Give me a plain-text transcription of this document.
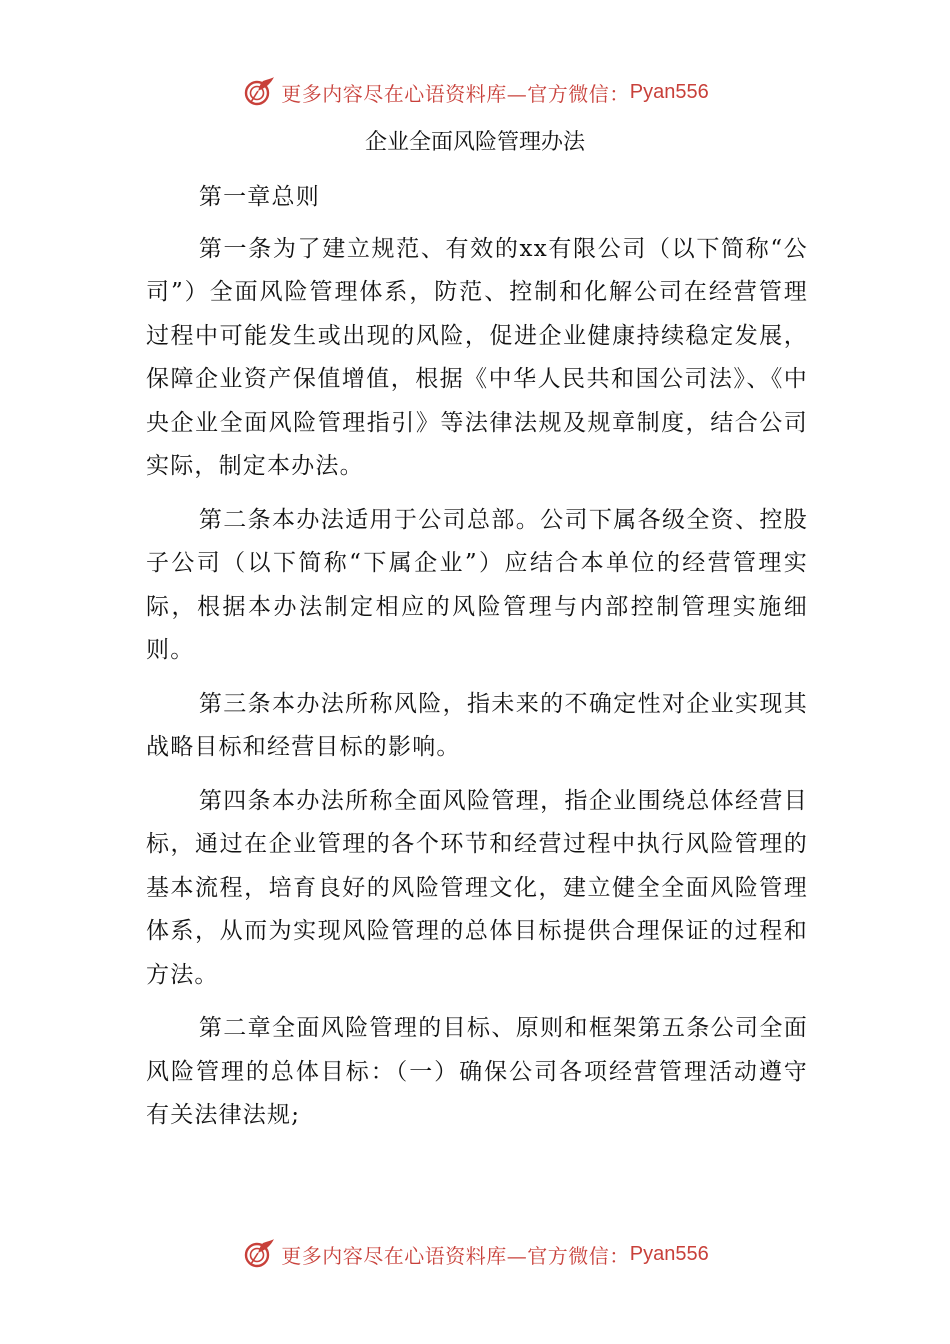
更多内容尽在心语资料库—官方微信： Pyan556
企业全面风险管理办法

第一章总则

第一条为了建立规范、有效的xx有限公司（以下简称“公司”）全面风险管理体系，防范、控制和化解公司在经营管理过程中可能发生或出现的风险，促进企业健康持续稳定发展，保障企业资产保值增值，根据《中华人民共和国公司法》、《中央企业全面风险管理指引》等法律法规及规章制度，结合公司实际，制定本办法。

第二条本办法适用于公司总部。公司下属各级全资、控股子公司（以下简称“下属企业”）应结合本单位的经营管理实际，根据本办法制定相应的风险管理与内部控制管理实施细则。

第三条本办法所称风险，指未来的不确定性对企业实现其战略目标和经营目标的影响。

第四条本办法所称全面风险管理，指企业围绕总体经营目标，通过在企业管理的各个环节和经营过程中执行风险管理的基本流程，培育良好的风险管理文化，建立健全全面风险管理体系，从而为实现风险管理的总体目标提供合理保证的过程和方法。

第二章全面风险管理的目标、原则和框架第五条公司全面风险管理的总体目标：（一）确保公司各项经营管理活动遵守有关法律法规;

更多内容尽在心语资料库—官方微信： Pyan556
